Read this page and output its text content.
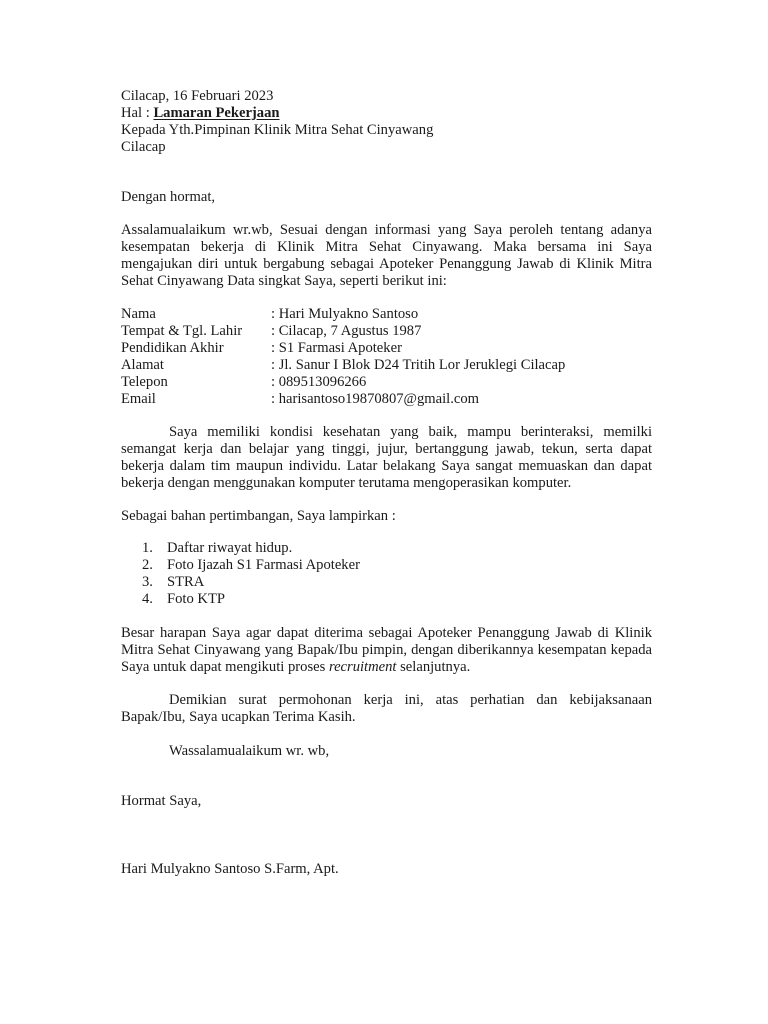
Cilacap, 16 Februari 2023
Hal : Lamaran Pekerjaan
Kepada Yth.Pimpinan Klinik Mitra Sehat Cinyawang
Cilacap

Dengan hormat,

Assalamualaikum wr.wb, Sesuai dengan informasi yang Saya peroleh tentang adanya kesempatan bekerja di Klinik Mitra Sehat Cinyawang. Maka bersama ini Saya mengajukan diri untuk bergabung sebagai Apoteker Penanggung Jawab di Klinik Mitra Sehat Cinyawang Data singkat Saya, seperti berikut ini:

Nama	: Hari Mulyakno Santoso
Tempat & Tgl. Lahir	: Cilacap, 7 Agustus 1987
Pendidikan Akhir	: S1 Farmasi Apoteker
Alamat	: Jl. Sanur I Blok D24 Tritih Lor Jeruklegi Cilacap
Telepon	: 089513096266
Email	: harisantoso19870807@gmail.com

Saya memiliki kondisi kesehatan yang baik, mampu berinteraksi, memilki semangat kerja dan belajar yang tinggi, jujur, bertanggung jawab, tekun, serta dapat bekerja dalam tim maupun individu. Latar belakang Saya sangat memuaskan dan dapat bekerja dengan menggunakan komputer terutama mengoperasikan komputer.

Sebagai bahan pertimbangan, Saya lampirkan :

1. Daftar riwayat hidup.
2. Foto Ijazah S1 Farmasi Apoteker
3. STRA
4. Foto KTP

Besar harapan Saya agar dapat diterima sebagai Apoteker Penanggung Jawab di Klinik Mitra Sehat Cinyawang yang Bapak/Ibu pimpin, dengan diberikannya kesempatan kepada Saya untuk dapat mengikuti proses recruitment selanjutnya.

Demikian surat permohonan kerja ini, atas perhatian dan kebijaksanaan Bapak/Ibu, Saya ucapkan Terima Kasih.

Wassalamualaikum wr. wb,

Hormat Saya,

Hari Mulyakno Santoso S.Farm, Apt.
